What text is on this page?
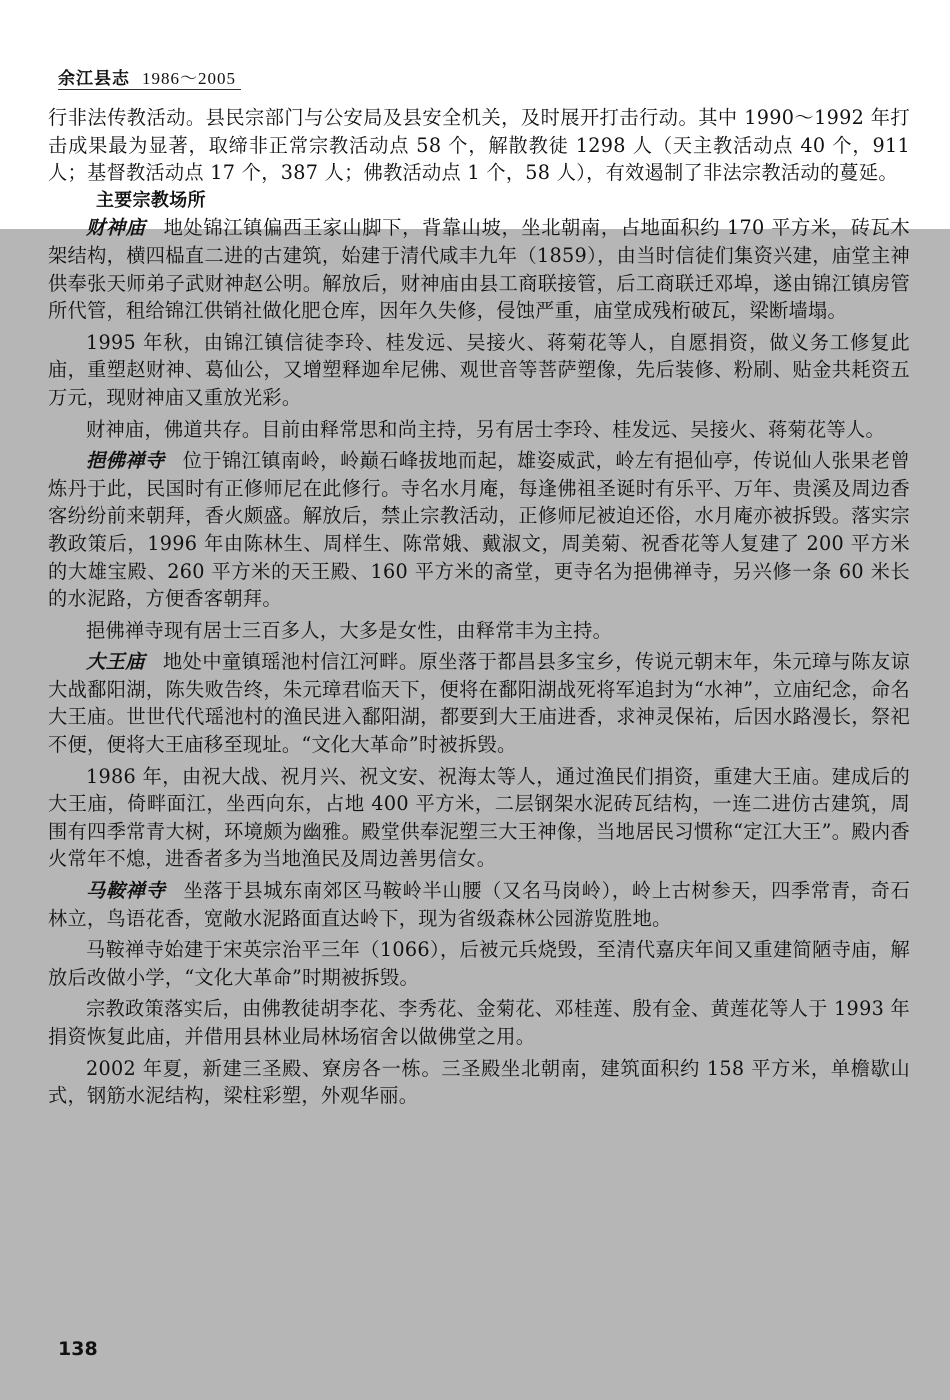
余江县志 1986～2005

行非法传教活动。县民宗部门与公安局及县安全机关，及时展开打击行动。其中 1990～1992 年打击成果最为显著，取缔非正常宗教活动点 58 个，解散教徒 1298 人（天主教活动点 40 个，911 人；基督教活动点 17 个，387 人；佛教活动点 1 个，58 人），有效遏制了非法宗教活动的蔓延。

主要宗教场所

财神庙 地处锦江镇偏西王家山脚下，背靠山坡，坐北朝南，占地面积约 170 平方米，砖瓦木架结构，横四榀直二进的古建筑，始建于清代咸丰九年（1859），由当时信徒们集资兴建，庙堂主神供奉张天师弟子武财神赵公明。解放后，财神庙由县工商联接管，后工商联迁邓埠，遂由锦江镇房管所代管，租给锦江供销社做化肥仓库，因年久失修，侵蚀严重，庙堂成残桁破瓦，梁断墙塌。

1995 年秋，由锦江镇信徒李玲、桂发远、吴接火、蒋菊花等人，自愿捐资，做义务工修复此庙，重塑赵财神、葛仙公，又增塑释迦牟尼佛、观世音等菩萨塑像，先后装修、粉刷、贴金共耗资五万元，现财神庙又重放光彩。

财神庙，佛道共存。目前由释常思和尚主持，另有居士李玲、桂发远、吴接火、蒋菊花等人。

挹佛禅寺 位于锦江镇南岭，岭巅石峰拔地而起，雄姿威武，岭左有挹仙亭，传说仙人张果老曾炼丹于此，民国时有正修师尼在此修行。寺名水月庵，每逢佛祖圣诞时有乐平、万年、贵溪及周边香客纷纷前来朝拜，香火颇盛。解放后，禁止宗教活动，正修师尼被迫还俗，水月庵亦被拆毁。落实宗教政策后，1996 年由陈林生、周样生、陈常娥、戴淑文，周美菊、祝香花等人复建了 200 平方米的大雄宝殿、260 平方米的天王殿、160 平方米的斋堂，更寺名为挹佛禅寺，另兴修一条 60 米长的水泥路，方便香客朝拜。

挹佛禅寺现有居士三百多人，大多是女性，由释常丰为主持。

大王庙 地处中童镇瑶池村信江河畔。原坐落于都昌县多宝乡，传说元朝末年，朱元璋与陈友谅大战鄱阳湖，陈失败告终，朱元璋君临天下，便将在鄱阳湖战死将军追封为“水神”，立庙纪念，命名大王庙。世世代代瑶池村的渔民进入鄱阳湖，都要到大王庙进香，求神灵保祐，后因水路漫长，祭祀不便，便将大王庙移至现址。“文化大革命”时被拆毁。

1986 年，由祝大战、祝月兴、祝文安、祝海太等人，通过渔民们捐资，重建大王庙。建成后的大王庙，倚畔面江，坐西向东，占地 400 平方米，二层钢架水泥砖瓦结构，一连二进仿古建筑，周围有四季常青大树，环境颇为幽雅。殿堂供奉泥塑三大王神像，当地居民习惯称“定江大王”。殿内香火常年不熄，进香者多为当地渔民及周边善男信女。

马鞍禅寺 坐落于县城东南郊区马鞍岭半山腰（又名马岗岭），岭上古树参天，四季常青，奇石林立，鸟语花香，宽敞水泥路面直达岭下，现为省级森林公园游览胜地。

马鞍禅寺始建于宋英宗治平三年（1066），后被元兵烧毁，至清代嘉庆年间又重建简陋寺庙，解放后改做小学，“文化大革命”时期被拆毁。

宗教政策落实后，由佛教徒胡李花、李秀花、金菊花、邓桂莲、殷有金、黄莲花等人于 1993 年捐资恢复此庙，并借用县林业局林场宿舍以做佛堂之用。

2002 年夏，新建三圣殿、寮房各一栋。三圣殿坐北朝南，建筑面积约 158 平方米，单檐歇山式，钢筋水泥结构，梁柱彩塑，外观华丽。

138
